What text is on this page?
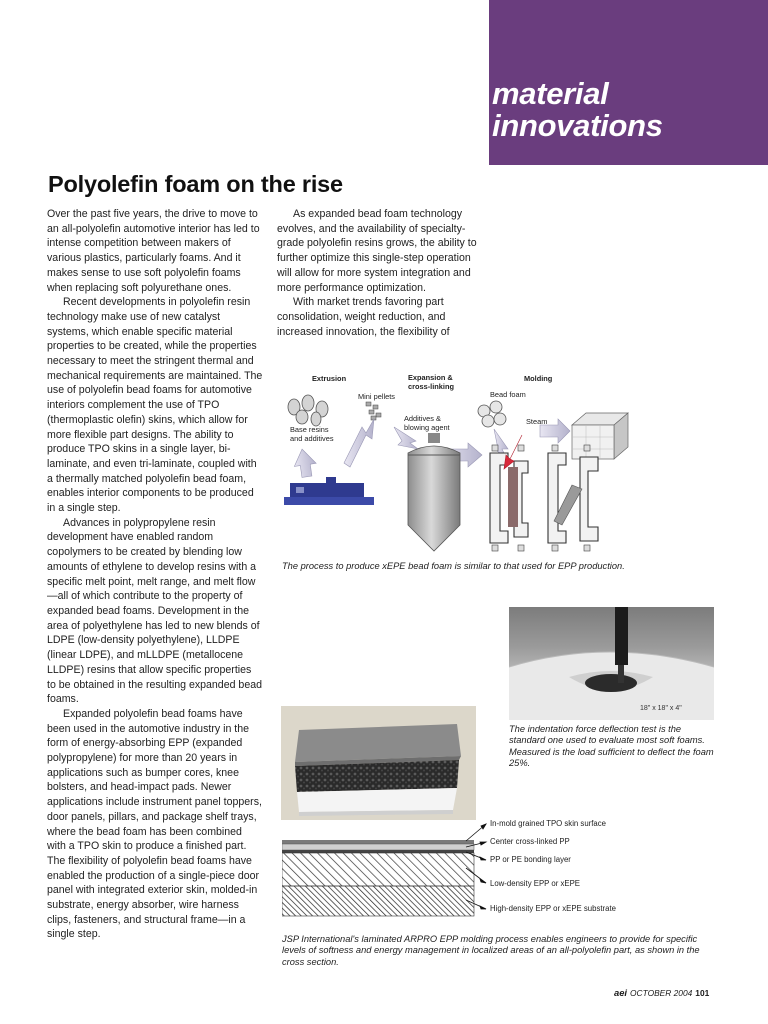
material
innovations
Polyolefin foam on the rise

Over the past five years, the drive to move to an all-polyolefin automotive interior has led to intense competition between makers of various plastics, particularly foams. And it makes sense to use soft polyolefin foams when replacing soft polyurethane ones.

Recent developments in polyolefin resin technology make use of new catalyst systems, which enable specific material properties to be created, while the properties necessary to meet the stringent thermal and mechanical requirements are maintained. The use of polyolefin bead foams for automotive interiors complement the use of TPO (thermoplastic olefin) skins, which allow for more flexible part designs. The ability to produce TPO skins in a single layer, bi-laminate, and even tri-laminate, coupled with a thermally matched polyolefin bead foam, enables interior components to be produced in a single step.

Advances in polypropylene resin development have enabled random copolymers to be created by blending low amounts of ethylene to develop resins with a specific melt point, melt range, and melt flow—all of which contribute to the property of expanded bead foams. Development in the area of polyethylene has led to new blends of LDPE (low-density polyethylene), LLDPE (linear LDPE), and mLLDPE (metallocene LLDPE) resins that allow specific properties to be obtained in the resulting expanded bead foams.

Expanded polyolefin bead foams have been used in the automotive industry in the form of energy-absorbing EPP (expanded polypropylene) for more than 20 years in applications such as bumper cores, knee bolsters, and head-impact pads. Newer applications include instrument panel toppers, door panels, pillars, and package shelf trays, where the bead foam has been combined with a TPO skin to produce a finished part. The flexibility of polyolefin bead foams have enabled the production of a single-piece door panel with integrated exterior skin, molded-in substrate, energy absorber, wire harness clips, fasteners, and structural frame—in a single step.

As expanded bead foam technology evolves, and the availability of specialty-grade polyolefin resins grows, the ability to further optimize this single-step operation will allow for more system integration and more performance optimization.

With market trends favoring part consolidation, weight reduction, and increased innovation, the flexibility of

Extrusion	Expansion &
cross-linking
Molding
Mini pellets	Bead foam
Base resins
and additives
Additives &
blowing agent
Steam
The process to produce xEPE bead foam is similar to that used for EPP production.
18" x 18" x 4"
The indentation force deflection test is the standard one used to evaluate most soft foams. Measured is the load sufficient to deflect the foam 25%.
In-mold grained TPO skin surface
Center cross-linked PP
PP or PE bonding layer
Low-density EPP or xEPE
High-density EPP or xEPE substrate
JSP International's laminated ARPRO EPP molding process enables engineers to provide for specific levels of softness and energy management in localized areas of an all-polyolefin part, as shown in the cross section.
aei OCTOBER 2004 101
